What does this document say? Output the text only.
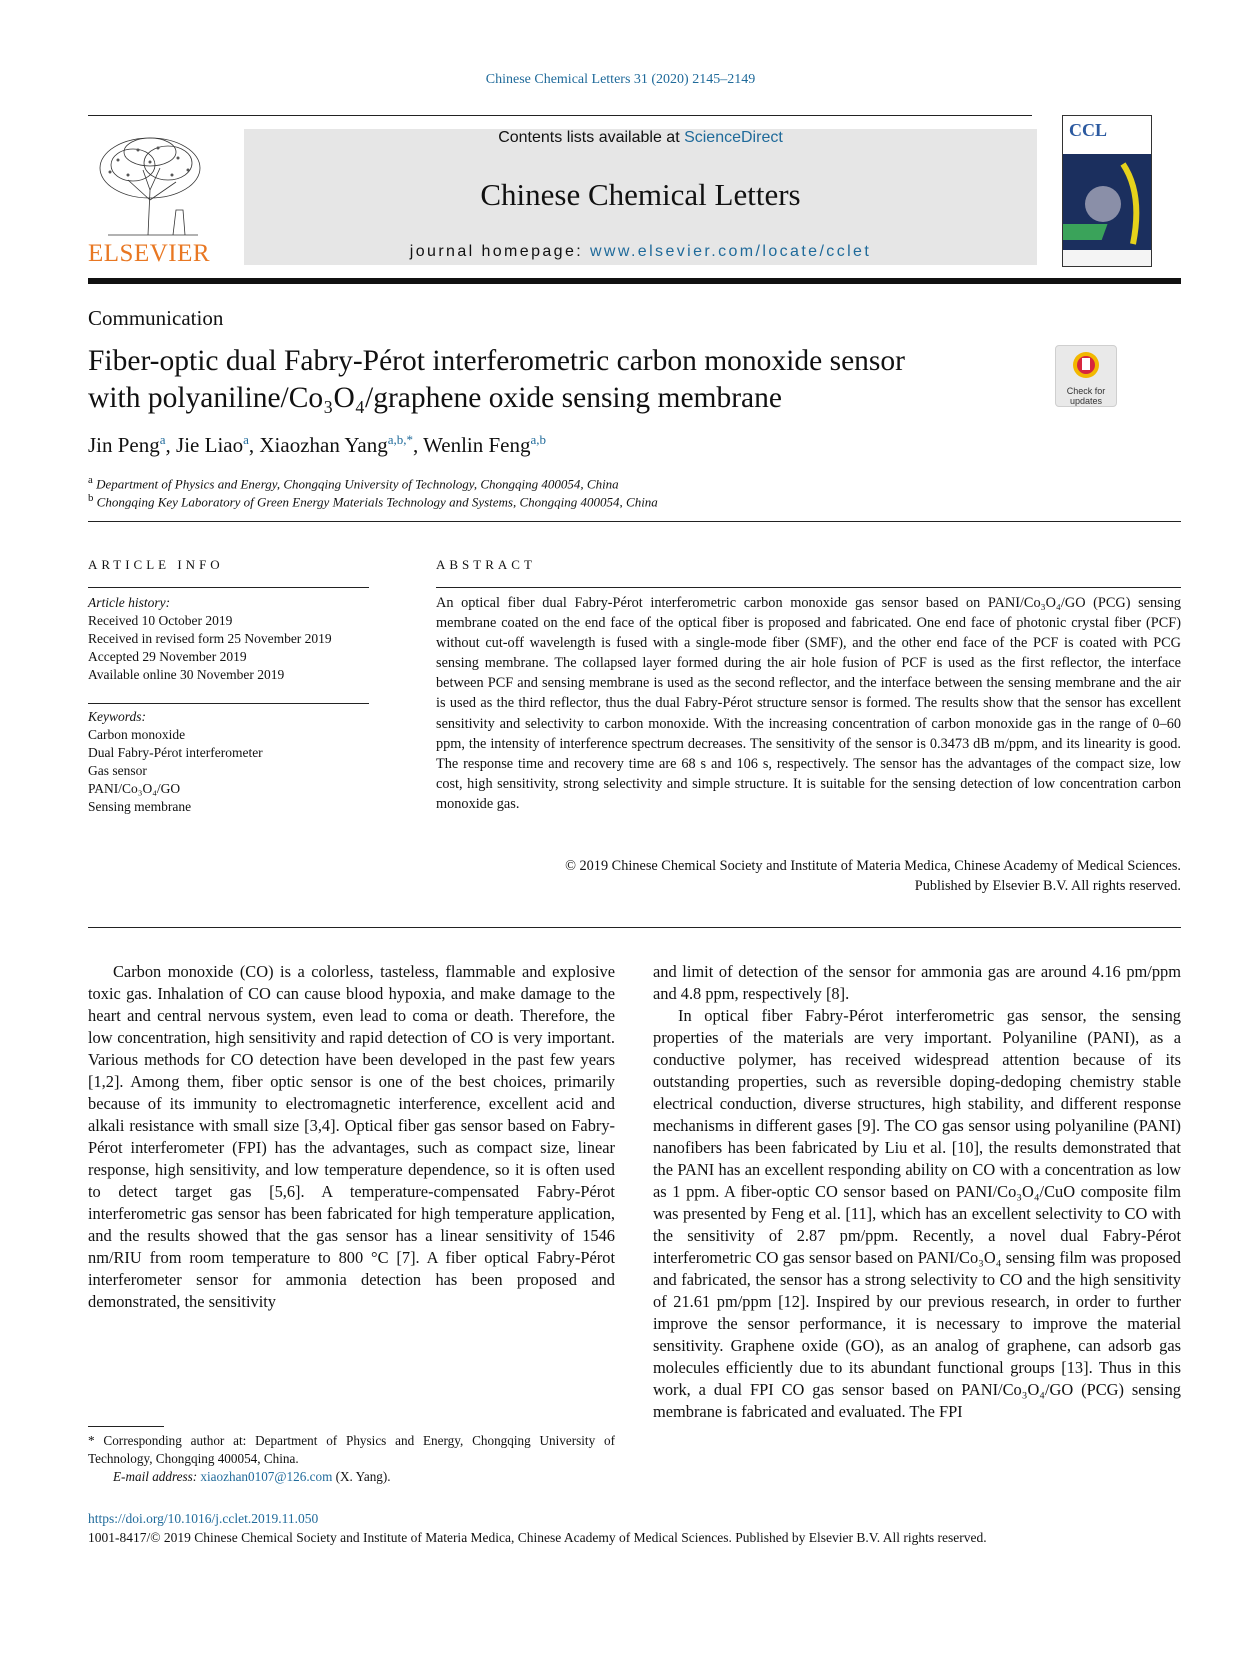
Chinese Chemical Letters 31 (2020) 2145–2149
ELSEVIER
Contents lists available at ScienceDirect
Chinese Chemical Letters
journal homepage: www.elsevier.com/locate/cclet
CCL
Communication
Fiber-optic dual Fabry-Pérot interferometric carbon monoxide sensor
with polyaniline/Co₃O₄/graphene oxide sensing membrane	Check for
updates
Jin Peng$^a$, Jie Liao$^a$, Xiaozhan Yang$^{a,b,*}$, Wenlin Feng$^{a,b}$
$^a$ Department of Physics and Energy, Chongqing University of Technology, Chongqing 400054, China
$^b$ Chongqing Key Laboratory of Green Energy Materials Technology and Systems, Chongqing 400054, China
ARTICLE INFO	ABSTRACT
Article history:
Received 10 October 2019
Received in revised form 25 November 2019
Accepted 29 November 2019
Available online 30 November 2019
Keywords:
Carbon monoxide
Dual Fabry-Pérot interferometer
Gas sensor
PANI/Co₃O₄/GO
Sensing membrane
An optical fiber dual Fabry-Pérot interferometric carbon monoxide gas sensor based on PANI/Co₃O₄/GO (PCG) sensing membrane coated on the end face of the optical fiber is proposed and fabricated. One end face of photonic crystal fiber (PCF) without cut-off wavelength is fused with a single-mode fiber (SMF), and the other end face of the PCF is coated with PCG sensing membrane. The collapsed layer formed during the air hole fusion of PCF is used as the first reflector, the interface between PCF and sensing membrane is used as the second reflector, and the interface between the sensing membrane and the air is used as the third reflector, thus the dual Fabry-Pérot structure sensor is formed. The results show that the sensor has excellent sensitivity and selectivity to carbon monoxide. With the increasing concentration of carbon monoxide gas in the range of 0–60 ppm, the intensity of interference spectrum decreases. The sensitivity of the sensor is 0.3473 dB m/ppm, and its linearity is good. The response time and recovery time are 68 s and 106 s, respectively. The sensor has the advantages of the compact size, low cost, high sensitivity, strong selectivity and simple structure. It is suitable for the sensing detection of low concentration carbon monoxide gas.
© 2019 Chinese Chemical Society and Institute of Materia Medica, Chinese Academy of Medical Sciences.
Published by Elsevier B.V. All rights reserved.

Carbon monoxide (CO) is a colorless, tasteless, flammable and explosive toxic gas. Inhalation of CO can cause blood hypoxia, and make damage to the heart and central nervous system, even lead to coma or death. Therefore, the low concentration, high sensitivity and rapid detection of CO is very important. Various methods for CO detection have been developed in the past few years [1,2]. Among them, fiber optic sensor is one of the best choices, primarily because of its immunity to electromagnetic interference, excellent acid and alkali resistance with small size [3,4]. Optical fiber gas sensor based on Fabry-Pérot interferometer (FPI) has the advantages, such as compact size, linear response, high sensitivity, and low temperature dependence, so it is often used to detect target gas [5,6]. A temperature-compensated Fabry-Pérot interferometric gas sensor has been fabricated for high temperature application, and the results showed that the gas sensor has a linear sensitivity of 1546 nm/RIU from room temperature to 800 °C [7]. A fiber optical Fabry-Pérot interferometer sensor for ammonia detection has been proposed and demonstrated, the sensitivity

and limit of detection of the sensor for ammonia gas are around 4.16 pm/ppm and 4.8 ppm, respectively [8].

In optical fiber Fabry-Pérot interferometric gas sensor, the sensing properties of the materials are very important. Polyaniline (PANI), as a conductive polymer, has received widespread attention because of its outstanding properties, such as reversible doping-dedoping chemistry stable electrical conduction, diverse structures, high stability, and different response mechanisms in different gases [9]. The CO gas sensor using polyaniline (PANI) nanofibers has been fabricated by Liu et al. [10], the results demonstrated that the PANI has an excellent responding ability on CO with a concentration as low as 1 ppm. A fiber-optic CO sensor based on PANI/Co₃O₄/CuO composite film was presented by Feng et al. [11], which has an excellent selectivity to CO with the sensitivity of 2.87 pm/ppm. Recently, a novel dual Fabry-Pérot interferometric CO gas sensor based on PANI/Co₃O₄ sensing film was proposed and fabricated, the sensor has a strong selectivity to CO and the high sensitivity of 21.61 pm/ppm [12]. Inspired by our previous research, in order to further improve the sensor performance, it is necessary to improve the material sensitivity. Graphene oxide (GO), as an analog of graphene, can adsorb gas molecules efficiently due to its abundant functional groups [13]. Thus in this work, a dual FPI CO gas sensor based on PANI/Co₃O₄/GO (PCG) sensing membrane is fabricated and evaluated. The FPI

* Corresponding author at: Department of Physics and Energy, Chongqing University of Technology, Chongqing 400054, China.
E-mail address: xiaozhan0107@126.com (X. Yang).
https://doi.org/10.1016/j.cclet.2019.11.050
1001-8417/© 2019 Chinese Chemical Society and Institute of Materia Medica, Chinese Academy of Medical Sciences. Published by Elsevier B.V. All rights reserved.
